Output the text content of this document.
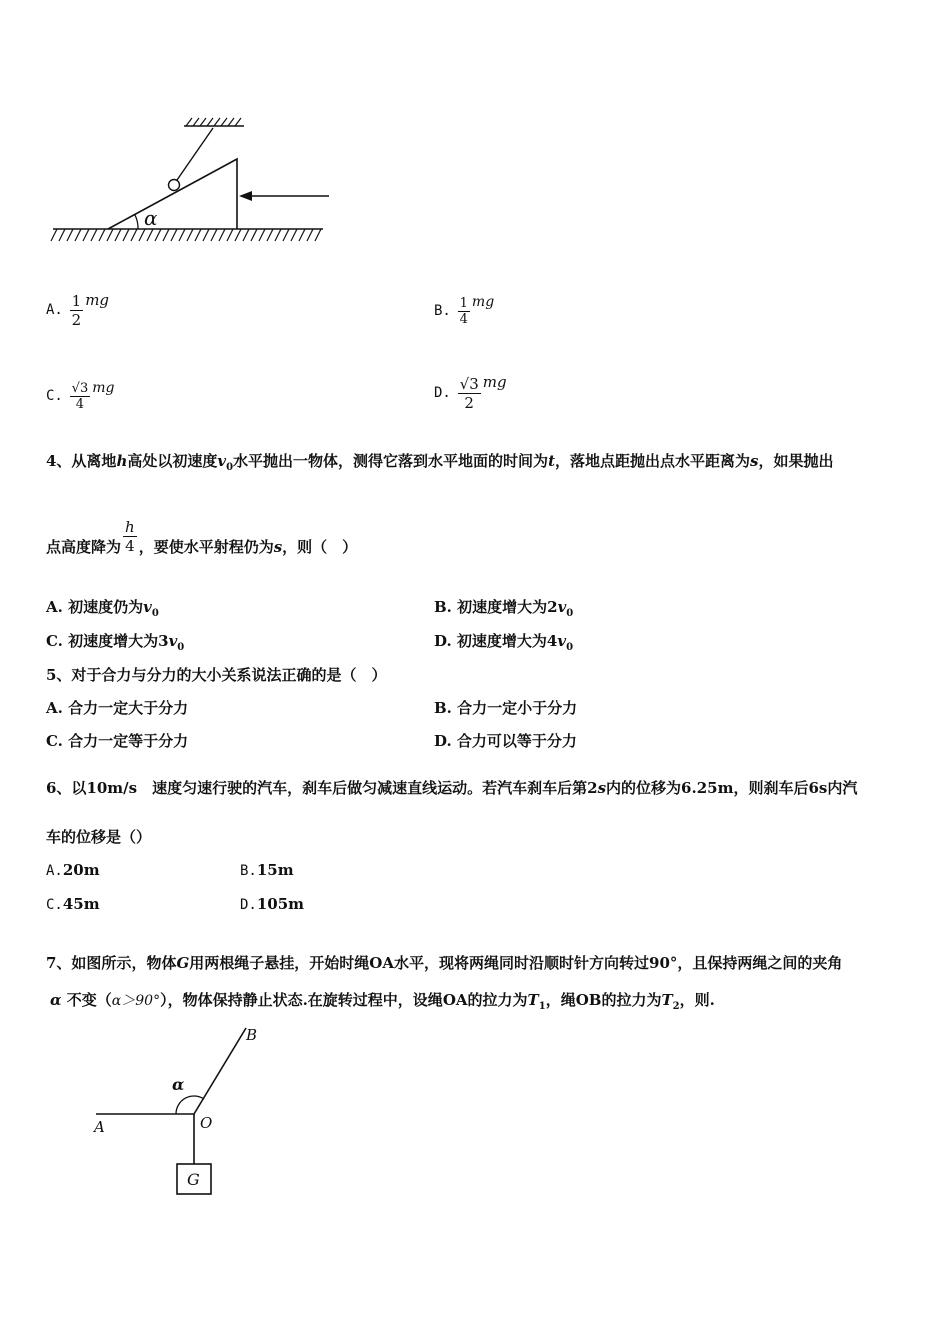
α
A. $\frac{1}{2}$ mg
B. $\frac{1}{4}$ mg
C. $\frac{√3}{4}$ mg	D. $\frac{√3}{2}$ mg
4、从离地h高处以初速度$v_0$水平抛出一物体，测得它落到水平地面的时间为t，落地点距抛出点水平距离为s，如果抛出
点高度降为 $\frac{h}{4}$ ，要使水平射程仍为s，则（　）
A. 初速度仍为$v_0$	B. 初速度增大为$2v_0$
C. 初速度增大为$3v_0$	D. 初速度增大为$4v_0$
5、对于合力与分力的大小关系说法正确的是（　）
A. 合力一定大于分力	B. 合力一定小于分力
C. 合力一定等于分力	D. 合力可以等于分力
6、以10m/s　 速度匀速行驶的汽车，刹车后做匀减速直线运动。若汽车刹车后第2s内的位移为6.25m，则刹车后6s内汽
车的位移是（）
A.20m	B.15m
C.45m	D.105m
7、如图所示，物体G用两根绳子悬挂，开始时绳OA水平，现将两绳同时沿顺时针方向转过90°，且保持两绳之间的夹角
α 不变（α＞90°），物体保持静止状态.在旋转过程中，设绳OA的拉力为$T_1$，绳OB的拉力为$T_2$，则.
G
α
A	O
B
